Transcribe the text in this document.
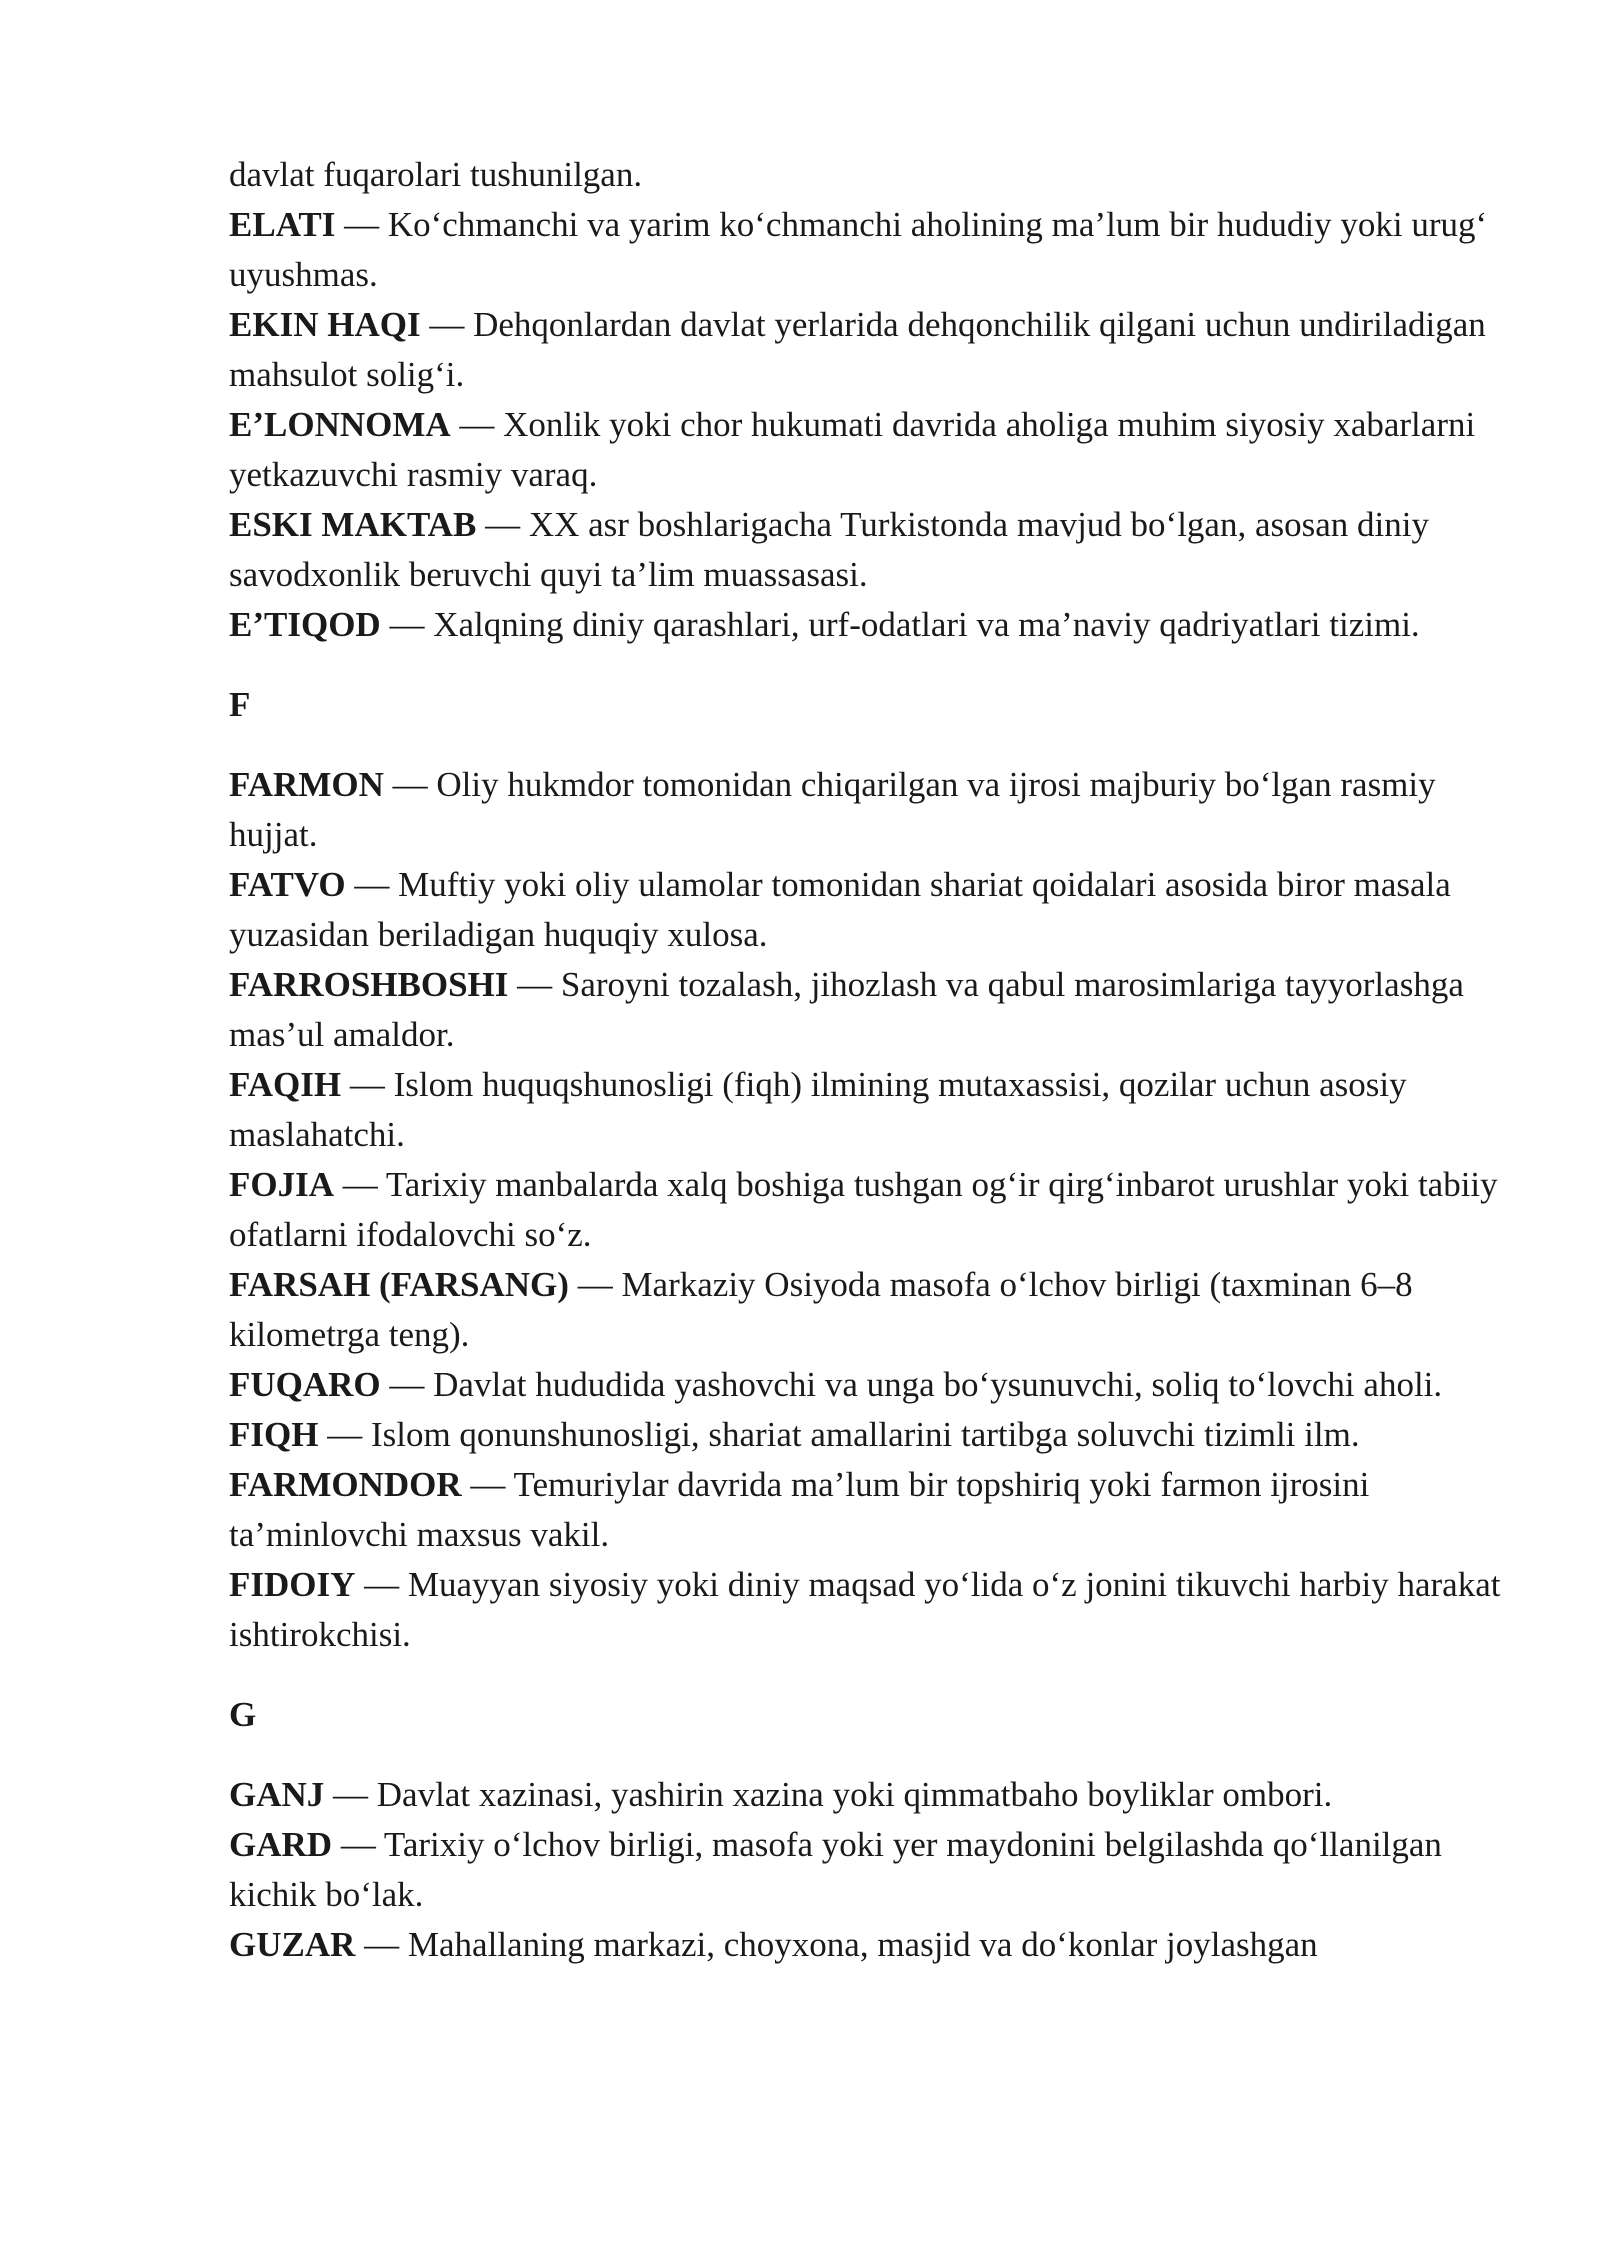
davlat fuqarolari tushunilgan.

ELATI — Ko‘chmanchi va yarim ko‘chmanchi aholining ma’lum bir hududiy yoki urug‘ uyushmas.

EKIN HAQI — Dehqonlardan davlat yerlarida dehqonchilik qilgani uchun undiriladigan mahsulot solig‘i.

E’LONNOMA — Xonlik yoki chor hukumati davrida aholiga muhim siyosiy xabarlarni yetkazuvchi rasmiy varaq.

ESKI MAKTAB — XX asr boshlarigacha Turkistonda mavjud bo‘lgan, asosan diniy savodxonlik beruvchi quyi ta’lim muassasasi.

E’TIQOD — Xalqning diniy qarashlari, urf-odatlari va ma’naviy qadriyatlari tizimi.

F

FARMON — Oliy hukmdor tomonidan chiqarilgan va ijrosi majburiy bo‘lgan rasmiy hujjat.

FATVO — Muftiy yoki oliy ulamolar tomonidan shariat qoidalari asosida biror masala yuzasidan beriladigan huquqiy xulosa.

FARROSHBOSHI — Saroyni tozalash, jihozlash va qabul marosimlariga tayyorlashga mas’ul amaldor.

FAQIH — Islom huquqshunosligi (fiqh) ilmining mutaxassisi, qozilar uchun asosiy maslahatchi.

FOJIA — Tarixiy manbalarda xalq boshiga tushgan og‘ir qirg‘inbarot urushlar yoki tabiiy ofatlarni ifodalovchi so‘z.

FARSAH (FARSANG) — Markaziy Osiyoda masofa o‘lchov birligi (taxminan 6–8 kilometrga teng).

FUQARO — Davlat hududida yashovchi va unga bo‘ysunuvchi, soliq to‘lovchi aholi.

FIQH — Islom qonunshunosligi, shariat amallarini tartibga soluvchi tizimli ilm.

FARMONDOR — Temuriylar davrida ma’lum bir topshiriq yoki farmon ijrosini ta’minlovchi maxsus vakil.

FIDOIY — Muayyan siyosiy yoki diniy maqsad yo‘lida o‘z jonini tikuvchi harbiy harakat ishtirokchisi.

G

GANJ — Davlat xazinasi, yashirin xazina yoki qimmatbaho boyliklar ombori.

GARD — Tarixiy o‘lchov birligi, masofa yoki yer maydonini belgilashda qo‘llanilgan kichik bo‘lak.

GUZAR — Mahallaning markazi, choyxona, masjid va do‘konlar joylashgan
